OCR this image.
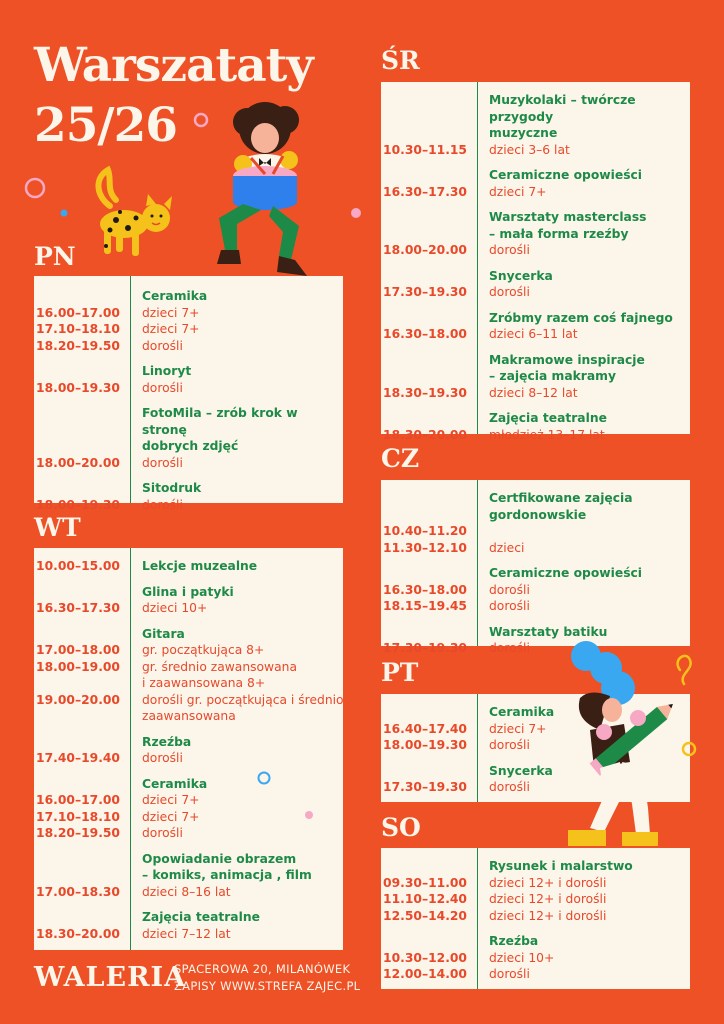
Warszataty
25/26
PN
WT
ŚR
CZ
PT
SO
16.00–17.00
17.10–18.10
18.20–19.50
Ceramika
dzieci 7+
dzieci 7+
dorośli
18.00–19.30
Linoryt
dorośli
18.00–20.00
FotoMila – zrób krok w stronę
dobrych zdjęć
dorośli
18.00–19.30
Sitodruk
dorośli
10.00–15.00 Lekcje muzealne
16.30–17.30
Glina i patyki
dzieci 10+
17.00–18.00
18.00–19.00

19.00–20.00

Gitara
gr. początkująca 8+
gr. średnio zawansowana
i zaawansowana 8+
dorośli gr. początkująca i średnio
zaawansowana
17.40–19.40
Rzeźba
dorośli
16.00–17.00
17.10–18.10
18.20–19.50
Ceramika
dzieci 7+
dzieci 7+
dorośli
17.00–18.30
Opowiadanie obrazem
– komiks, animacja , film
dzieci 8–16 lat
18.30–20.00
Zajęcia teatralne
dzieci 7–12 lat
10.30–11.15
Muzykolaki – twórcze przygody
muzyczne
dzieci 3–6 lat
16.30–17.30
Ceramiczne opowieści
dzieci 7+
18.00–20.00
Warsztaty masterclass
– mała forma rzeźby
dorośli
17.30–19.30
Snycerka
dorośli
16.30–18.00
Zróbmy razem coś fajnego
dzieci 6–11 lat
18.30–19.30
Makramowe inspiracje
– zajęcia makramy
dzieci 8–12 lat
18.30–20.00
Zajęcia teatralne
młodzież 13–17 lat
10.40–11.20
11.30–12.10
Certfikowane zajęcia
gordonowskie

dzieci
16.30–18.00
18.15–19.45
Ceramiczne opowieści
dorośli
dorośli
17.30–19.30
Warsztaty batiku
dorośli
16.40–17.40
18.00–19.30
Ceramika
dzieci 7+
dorośli
17.30–19.30
Snycerka
dorośli
09.30–11.00
11.10–12.40
12.50–14.20
Rysunek i malarstwo
dzieci 12+ i dorośli
dzieci 12+ i dorośli
dzieci 12+ i dorośli
10.30–12.00
12.00–14.00
Rzeźba
dzieci 10+
dorośli
WALERIA
SPACEROWA 20, MILANÓWEK
ZAPISY WWW.STREFA ZAJEC.PL
